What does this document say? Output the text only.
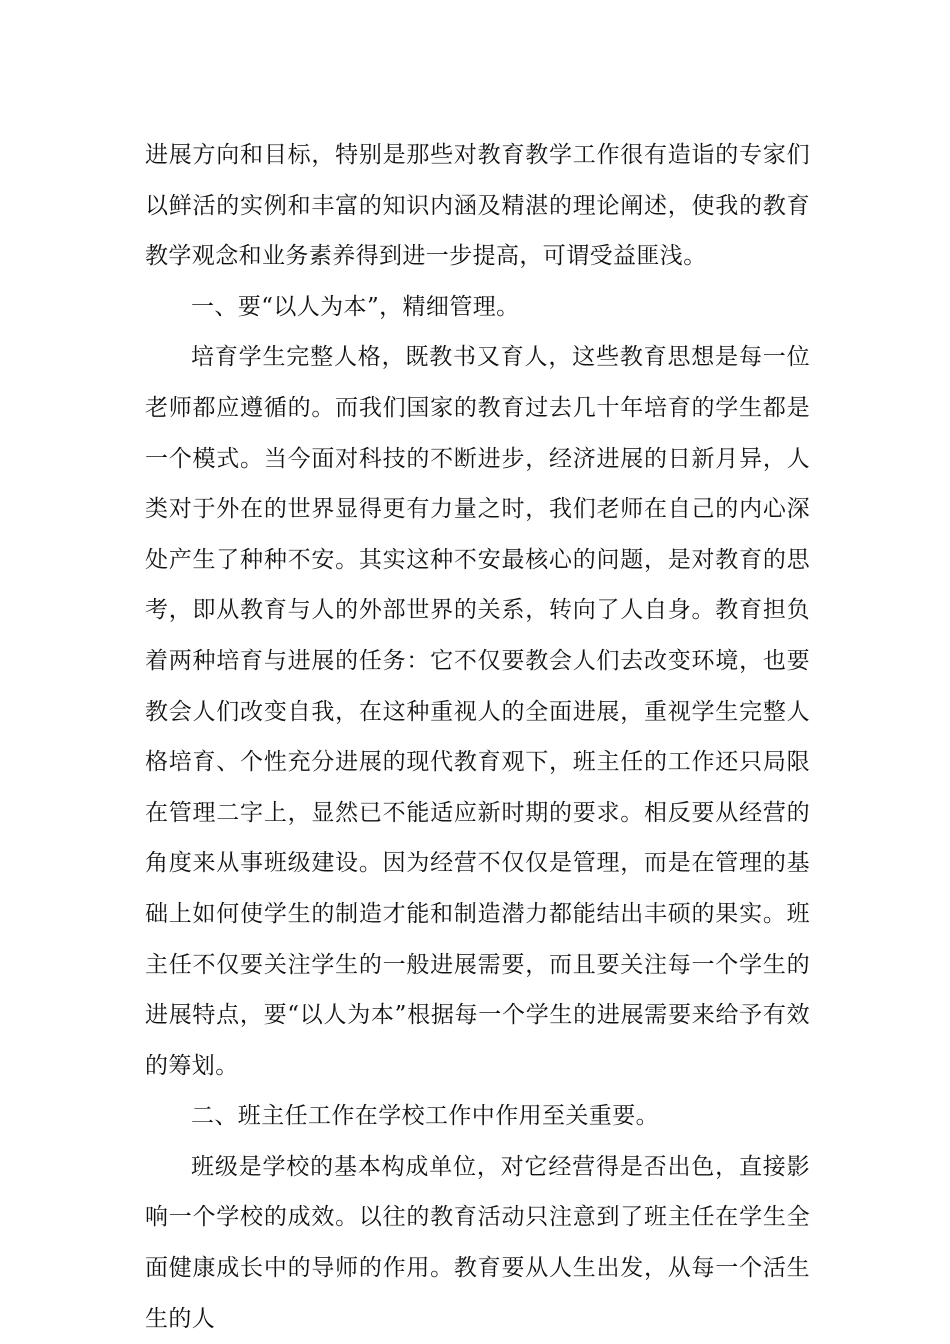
进展方向和目标，特别是那些对教育教学工作很有造诣的专家们以鲜活的实例和丰富的知识内涵及精湛的理论阐述，使我的教育教学观念和业务素养得到进一步提高，可谓受益匪浅。

一、要“以人为本”，精细管理。

培育学生完整人格，既教书又育人，这些教育思想是每一位老师都应遵循的。而我们国家的教育过去几十年培育的学生都是一个模式。当今面对科技的不断进步，经济进展的日新月异，人类对于外在的世界显得更有力量之时，我们老师在自己的内心深处产生了种种不安。其实这种不安最核心的问题，是对教育的思考，即从教育与人的外部世界的关系，转向了人自身。教育担负着两种培育与进展的任务：它不仅要教会人们去改变环境，也要教会人们改变自我，在这种重视人的全面进展，重视学生完整人格培育、个性充分进展的现代教育观下，班主任的工作还只局限在管理二字上，显然已不能适应新时期的要求。相反要从经营的角度来从事班级建设。因为经营不仅仅是管理，而是在管理的基础上如何使学生的制造才能和制造潜力都能结出丰硕的果实。班主任不仅要关注学生的一般进展需要，而且要关注每一个学生的进展特点，要“以人为本”根据每一个学生的进展需要来给予有效的筹划。

二、班主任工作在学校工作中作用至关重要。

班级是学校的基本构成单位，对它经营得是否出色，直接影响一个学校的成效。以往的教育活动只注意到了班主任在学生全面健康成长中的导师的作用。教育要从人生出发，从每一个活生生的人
